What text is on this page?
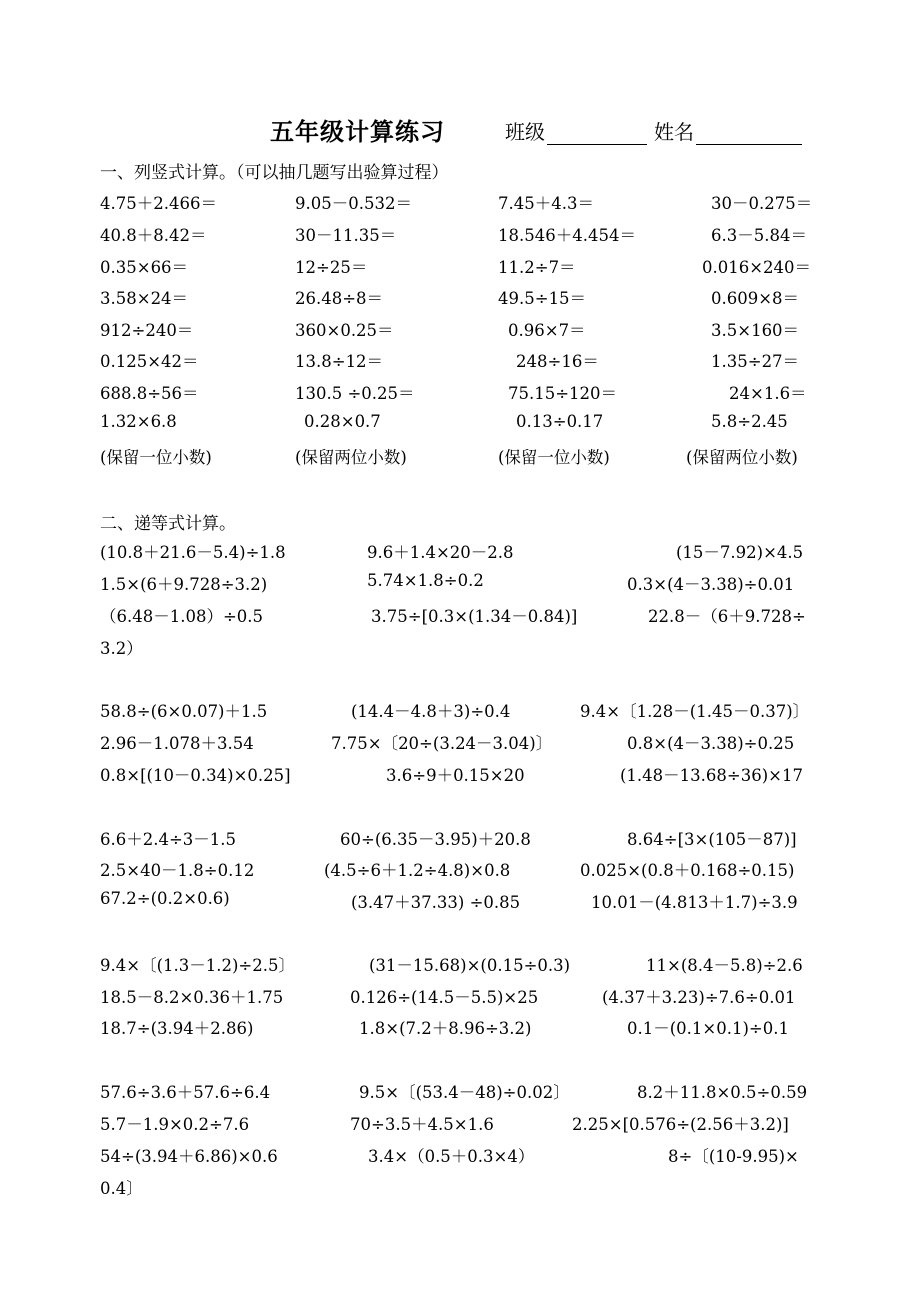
五年级计算练习	班级	姓名
一、列竖式计算。（可以抽几题写出验算过程）
4.75＋2.466＝	9.05－0.532＝	7.45＋4.3＝	30－0.275＝
40.8＋8.42＝	30－11.35＝	18.546＋4.454＝	6.3－5.84＝
0.35×66＝	12÷25＝	11.2÷7＝	0.016×240＝
3.58×24＝	26.48÷8＝	49.5÷15＝	0.609×8＝
912÷240＝	360×0.25＝	0.96×7＝	3.5×160＝
0.125×42＝	13.8÷12＝	248÷16＝	1.35÷27＝
688.8÷56＝	130.5 ÷0.25＝	75.15÷120＝	24×1.6＝
1.32×6.8	0.28×0.7	0.13÷0.17	5.8÷2.45
(保留一位小数)	(保留两位小数)	(保留一位小数)	(保留两位小数)
二、递等式计算。
(10.8＋21.6－5.4)÷1.8	9.6＋1.4×20－2.8	(15－7.92)×4.5
1.5×(6＋9.728÷3.2)	5.74×1.8÷0.2	0.3×(4－3.38)÷0.01
（6.48－1.08）÷0.5	3.75÷[0.3×(1.34－0.84)]	22.8－（6＋9.728÷
3.2）
58.8÷(6×0.07)＋1.5	(14.4－4.8＋3)÷0.4	9.4×〔1.28－(1.45－0.37)〕
2.96－1.078＋3.54	7.75×〔20÷(3.24－3.04)〕	0.8×(4－3.38)÷0.25
0.8×[(10－0.34)×0.25]	3.6÷9＋0.15×20	(1.48－13.68÷36)×17
6.6＋2.4÷3－1.5	60÷(6.35－3.95)＋20.8	8.64÷[3×(105－87)]
2.5×40－1.8÷0.12	(4.5÷6＋1.2÷4.8)×0.8	0.025×(0.8＋0.168÷0.15)
67.2÷(0.2×0.6)	(3.47＋37.33) ÷0.85	10.01－(4.813＋1.7)÷3.9
9.4×〔(1.3－1.2)÷2.5〕	(31－15.68)×(0.15÷0.3)	11×(8.4－5.8)÷2.6
18.5－8.2×0.36＋1.75	0.126÷(14.5－5.5)×25	(4.37＋3.23)÷7.6÷0.01
18.7÷(3.94＋2.86)	1.8×(7.2＋8.96÷3.2)	0.1－(0.1×0.1)÷0.1
57.6÷3.6＋57.6÷6.4	9.5×〔(53.4－48)÷0.02〕	8.2＋11.8×0.5÷0.59
5.7－1.9×0.2÷7.6	70÷3.5＋4.5×1.6	2.25×[0.576÷(2.56＋3.2)]
54÷(3.94＋6.86)×0.6	3.4×（0.5＋0.3×4）	8÷〔(10-9.95)×
0.4〕
